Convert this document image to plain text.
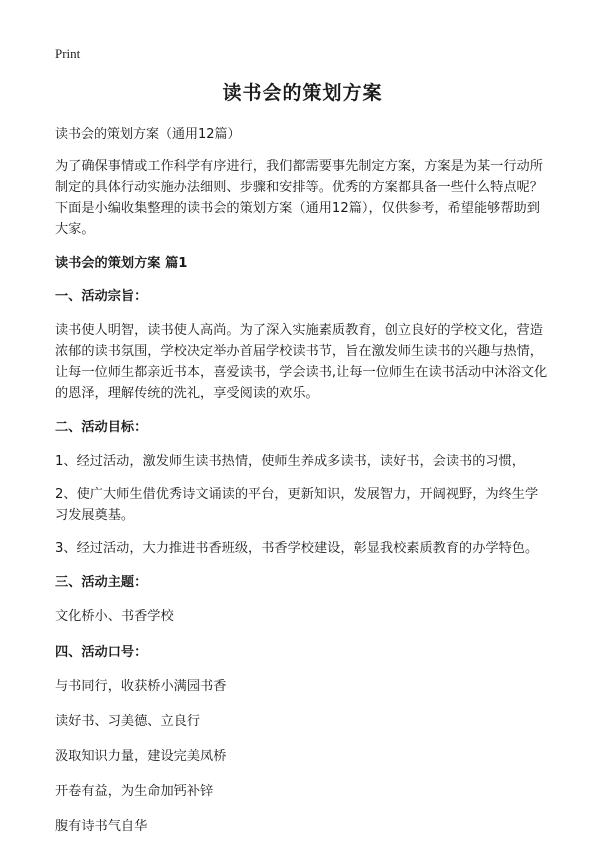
Print
读书会的策划方案
读书会的策划方案（通用12篇）

为了确保事情或工作科学有序进行，我们都需要事先制定方案，方案是为某一行动所制定的具体行动实施办法细则、步骤和安排等。优秀的方案都具备一些什么特点呢？下面是小编收集整理的读书会的策划方案（通用12篇），仅供参考，希望能够帮助到大家。

读书会的策划方案 篇1
一、活动宗旨：

读书使人明智，读书使人高尚。为了深入实施素质教育，创立良好的学校文化，营造浓郁的读书氛围，学校决定举办首届学校读书节，旨在激发师生读书的兴趣与热情，让每一位师生都亲近书本，喜爱读书，学会读书,让每一位师生在读书活动中沐浴文化的恩泽，理解传统的洗礼，享受阅读的欢乐。

二、活动目标：

1、经过活动，激发师生读书热情，使师生养成多读书，读好书，会读书的习惯，

2、使广大师生借优秀诗文诵读的平台，更新知识，发展智力，开阔视野，为终生学习发展奠基。

3、经过活动，大力推进书香班级，书香学校建设，彰显我校素质教育的办学特色。

三、活动主题：
文化桥小、书香学校
四、活动口号：
与书同行，收获桥小满园书香
读好书、习美德、立良行
汲取知识力量，建设完美凤桥
开卷有益，为生命加钙补锌
腹有诗书气自华
